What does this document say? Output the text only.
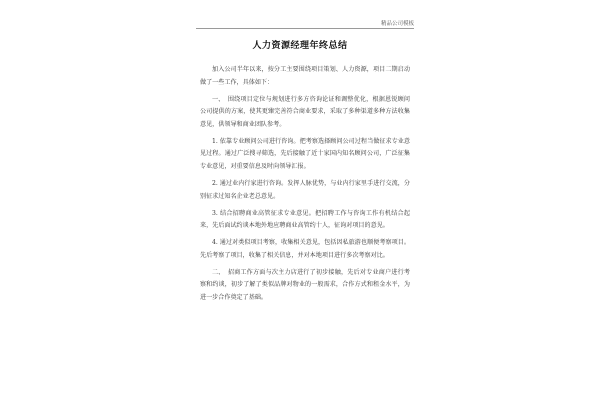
精品公司模板
人力资源经理年终总结

加入公司半年以来，按分工主要围绕项目策划、人力资源，项目二期启动做了一些工作，具体如下：

一、　围绕项目定位与规划进行多方咨询论证和调整优化，根据恩锐顾问公司提供的方案，使其更臻完善符合商业要求，采取了多种渠道多种方法收集意见，供领导和商业团队参考。

1. 依靠专业顾问公司进行咨询。把考察选择顾问公司过程当做征求专业意见过程。通过广泛搜寻筛选，先后接触了近十家国内知名顾问公司，广泛征集专业意见，对重要信息及时向领导汇报。

2. 通过业内行家进行咨询。发挥人脉优势，与业内行家里手进行交流，分别征求过知名企业老总意见。

3. 结合招聘商业高管征求专业意见。把招聘工作与咨询工作有机结合起来，先后面试约谈本地外地应聘商业高管约十人，征询对项目的意见。

4. 通过对类似项目考察，收集相关意见，包括因私旅游也顺便考察项目。先后考察了项目，收集了相关信息，并对本地项目进行多次考察对比。

二、　招商工作方面与次主力店进行了初步接触，先后对专业商户进行考察和约谈，初步了解了类似品牌对物业的一般需求，合作方式和租金水平，为进一步合作奠定了基础。
